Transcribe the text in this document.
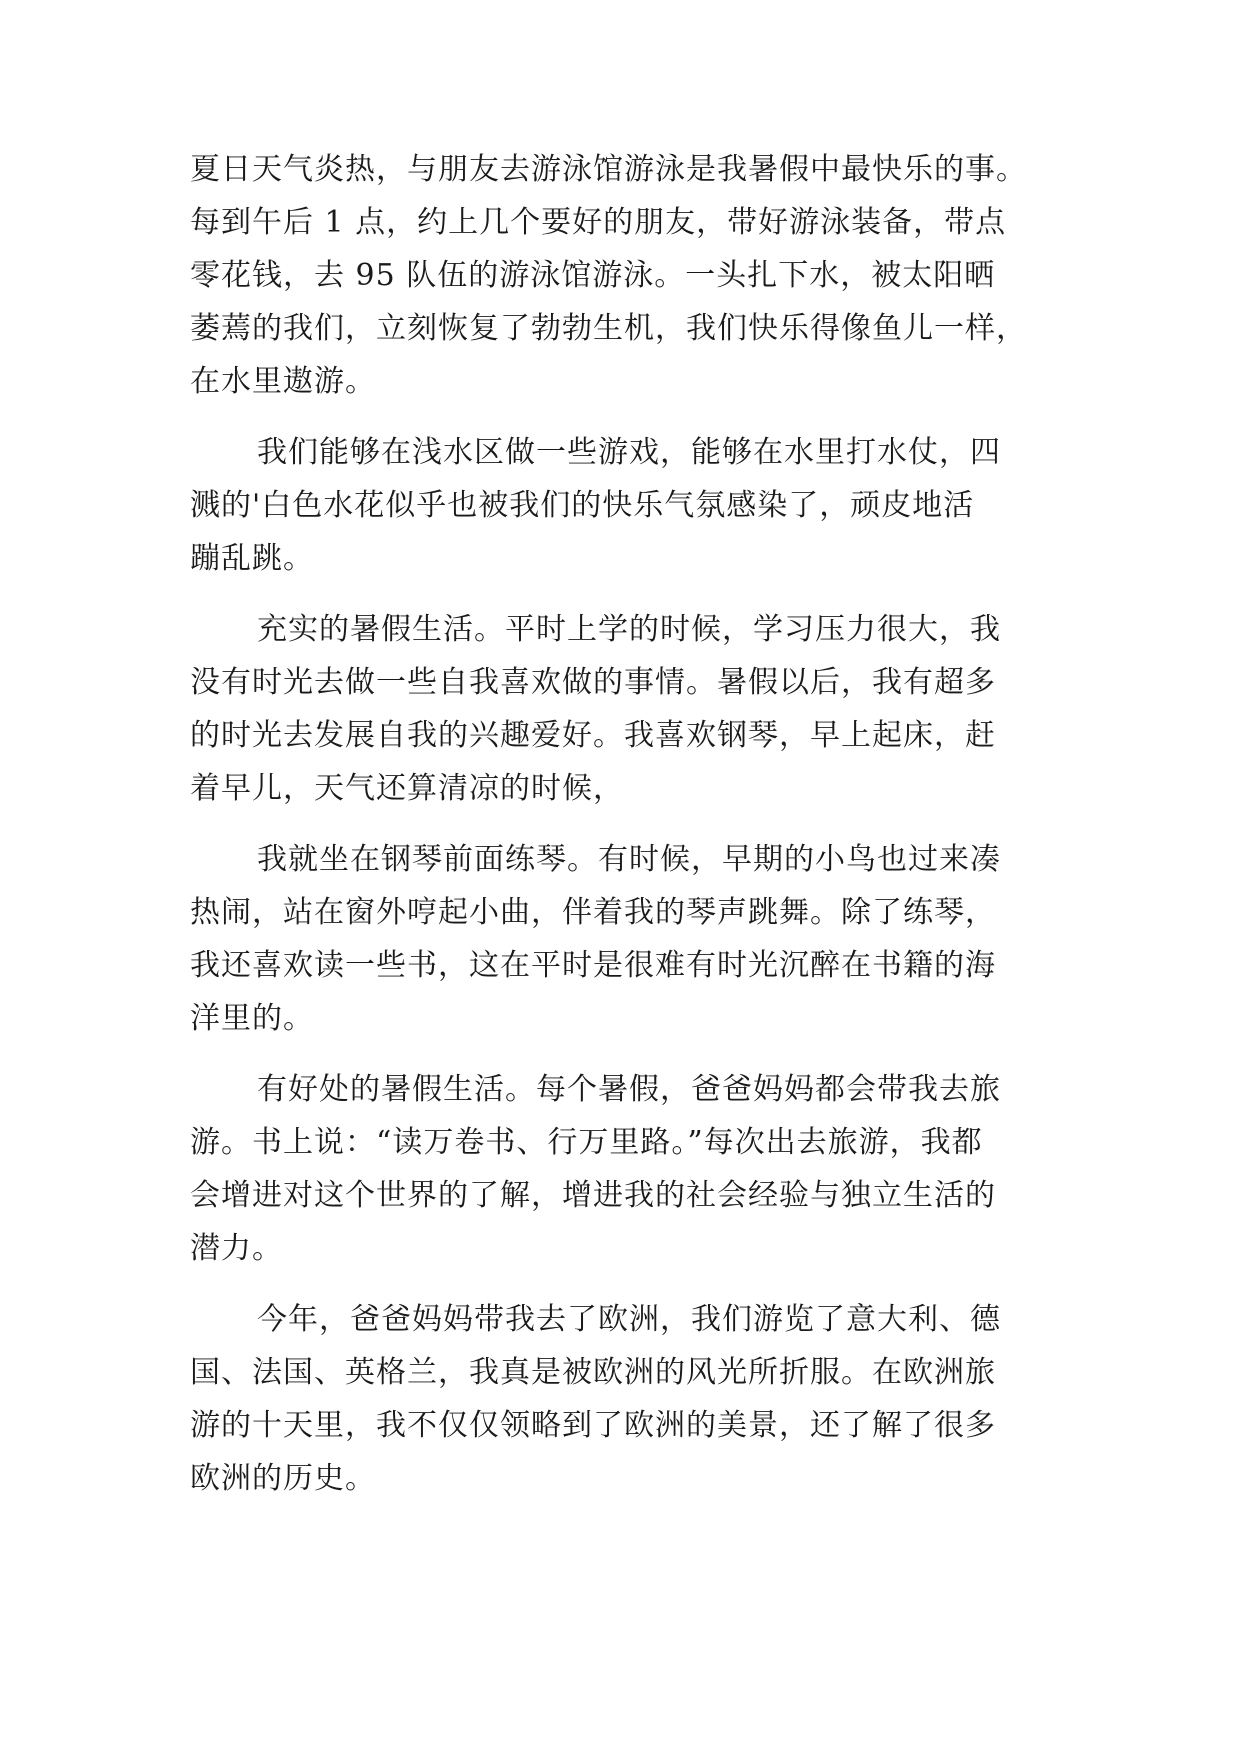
夏日天气炎热，与朋友去游泳馆游泳是我暑假中最快乐的事。

每到午后 1 点，约上几个要好的朋友，带好游泳装备，带点

零花钱，去 95 队伍的游泳馆游泳。一头扎下水，被太阳晒

萎蔫的我们，立刻恢复了勃勃生机，我们快乐得像鱼儿一样，

在水里遨游。

我们能够在浅水区做一些游戏，能够在水里打水仗，四

溅的'白色水花似乎也被我们的快乐气氛感染了，顽皮地活

蹦乱跳。

充实的暑假生活。平时上学的时候，学习压力很大，我

没有时光去做一些自我喜欢做的事情。暑假以后，我有超多

的时光去发展自我的兴趣爱好。我喜欢钢琴，早上起床，赶

着早儿，天气还算清凉的时候，

我就坐在钢琴前面练琴。有时候，早期的小鸟也过来凑

热闹，站在窗外哼起小曲，伴着我的琴声跳舞。除了练琴，

我还喜欢读一些书，这在平时是很难有时光沉醉在书籍的海

洋里的。

有好处的暑假生活。每个暑假，爸爸妈妈都会带我去旅

游。书上说：“读万卷书、行万里路。”每次出去旅游，我都

会增进对这个世界的了解，增进我的社会经验与独立生活的

潜力。

今年，爸爸妈妈带我去了欧洲，我们游览了意大利、德

国、法国、英格兰，我真是被欧洲的风光所折服。在欧洲旅

游的十天里，我不仅仅领略到了欧洲的美景，还了解了很多

欧洲的历史。
